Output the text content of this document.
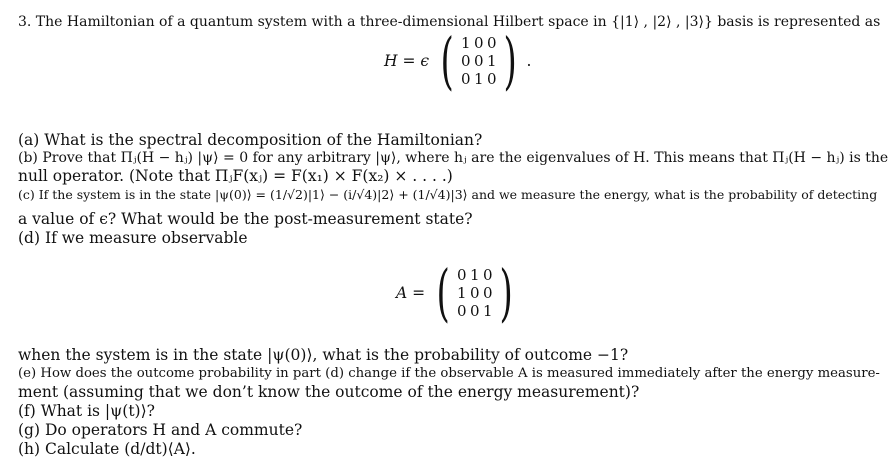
3. The Hamiltonian of a quantum system with a three-dimensional Hilbert space in {|1⟩ , |2⟩ , |3⟩} basis is represented as
H = ϵ ( 1 0 0
0 0 1
0 1 0 ) .
(a) What is the spectral decomposition of the Hamiltonian?
(b) Prove that Πⱼ(H − hⱼ) |ψ⟩ = 0 for any arbitrary |ψ⟩, where hⱼ are the eigenvalues of H. This means that Πⱼ(H − hⱼ) is the
null operator. (Note that ΠⱼF(xⱼ) = F(x₁) × F(x₂) × . . . .)
(c) If the system is in the state |ψ(0)⟩ = (1/√2)|1⟩ − (i/√4)|2⟩ + (1/√4)|3⟩ and we measure the energy, what is the probability of detecting
a value of ϵ? What would be the post-measurement state?
(d) If we measure observable
A = ( 0 1 0
1 0 0
0 0 1 )
when the system is in the state |ψ(0)⟩, what is the probability of outcome −1?
(e) How does the outcome probability in part (d) change if the observable A is measured immediately after the energy measure-
ment (assuming that we don’t know the outcome of the energy measurement)?
(f) What is |ψ(t)⟩?
(g) Do operators H and A commute?
(h) Calculate (d/dt)⟨A⟩.
